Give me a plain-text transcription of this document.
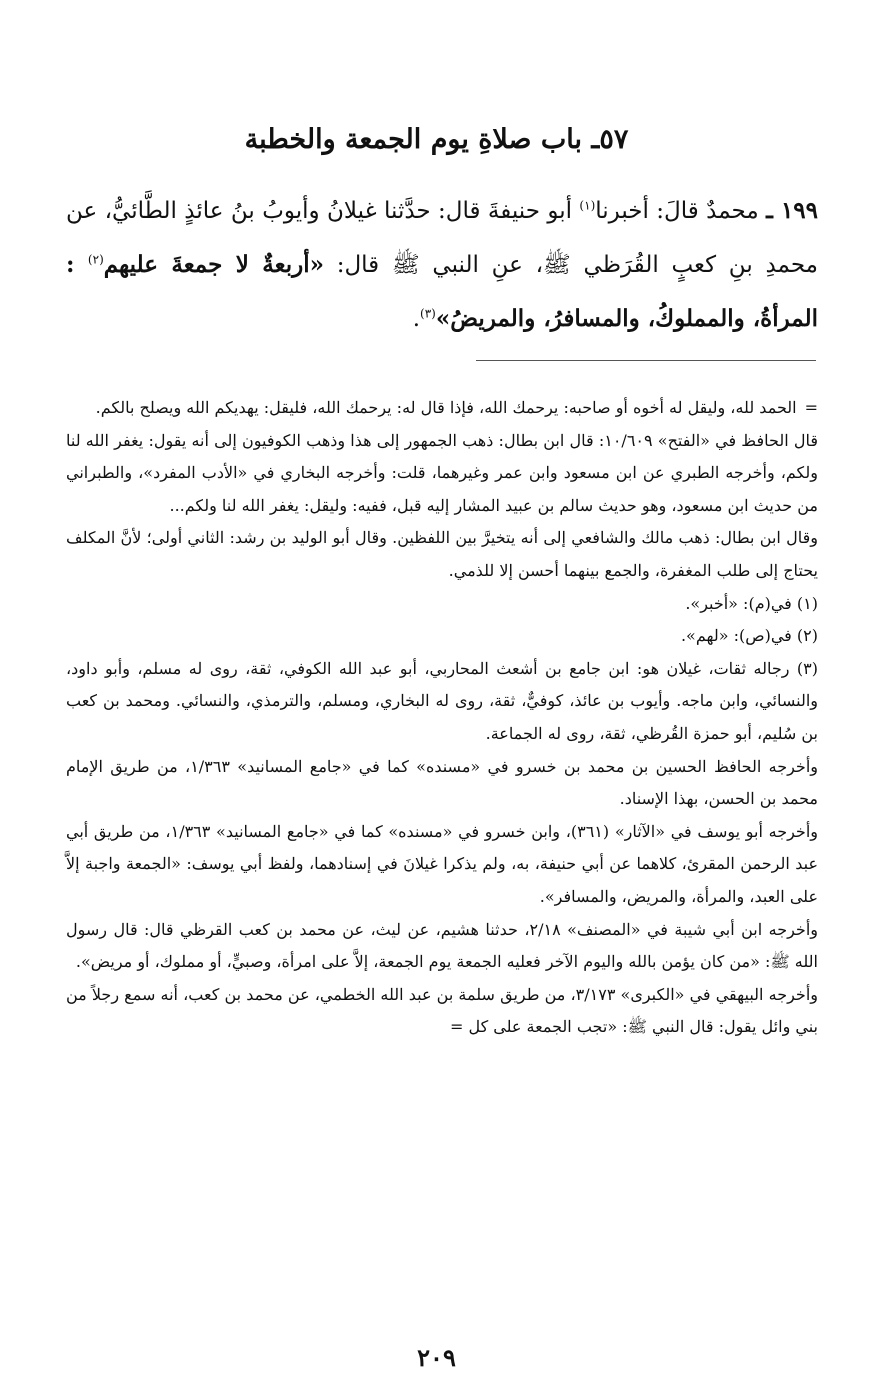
٥٧ـ باب صلاةِ يوم الجمعة والخطبة
١٩٩ ـ محمدٌ قالَ: أخبرنا$^{(١)}$ أبو حنيفةَ قال: حدَّثنا غيلانُ وأيوبُ بنُ عائذٍ الطَّائيُّ، عن محمدِ بنِ كعبٍ القُرَظي ﷺ، عنِ النبي ﷺ قال: «أربعةٌ لا جمعةَ عليهم$^{(٢)}$ : المرأةُ، والمملوكُ، والمسافرُ، والمريضُ»$^{(٣)}$.

=الحمد لله، وليقل له أخوه أو صاحبه: يرحمك الله، فإذا قال له: يرحمك الله، فليقل: يهديكم الله ويصلح بالكم.

قال الحافظ في «الفتح» ١٠/٦٠٩: قال ابن بطال: ذهب الجمهور إلى هذا وذهب الكوفيون إلى أنه يقول: يغفر الله لنا ولكم، وأخرجه الطبري عن ابن مسعود وابن عمر وغيرهما، قلت: وأخرجه البخاري في «الأدب المفرد»، والطبراني من حديث ابن مسعود، وهو حديث سالم بن عبيد المشار إليه قبل، ففيه: وليقل: يغفر الله لنا ولكم...

وقال ابن بطال: ذهب مالك والشافعي إلى أنه يتخيرَّ بين اللفظين. وقال أبو الوليد بن رشد: الثاني أولى؛ لأنَّ المكلف يحتاج إلى طلب المغفرة، والجمع بينهما أحسن إلا للذمي.

(١) في(م): «أخبر».

(٢) في(ص): «لهم».

(٣) رجاله ثقات، غيلان هو: ابن جامع بن أشعث المحاربي، أبو عبد الله الكوفي، ثقة، روى له مسلم، وأبو داود، والنسائي، وابن ماجه. وأيوب بن عائذ، كوفيٌّ، ثقة، روى له البخاري، ومسلم، والترمذي، والنسائي. ومحمد بن كعب بن سُليم، أبو حمزة القُرظي، ثقة، روى له الجماعة.

وأخرجه الحافظ الحسين بن محمد بن خسرو في «مسنده» كما في «جامع المسانيد» ١/٣٦٣، من طريق الإمام محمد بن الحسن، بهذا الإسناد.

وأخرجه أبو يوسف في «الآثار» (٣٦١)، وابن خسرو في «مسنده» كما في «جامع المسانيد» ١/٣٦٣، من طريق أبي عبد الرحمن المقرئ، كلاهما عن أبي حنيفة، به، ولم يذكرا غيلانَ في إسنادهما، ولفظ أبي يوسف: «الجمعة واجبة إلاَّ على العبد، والمرأة، والمريض، والمسافر».

وأخرجه ابن أبي شيبة في «المصنف» ٢/١٨، حدثنا هشيم، عن ليث، عن محمد بن كعب القرظي قال: قال رسول الله ﷺ: «من كان يؤمن بالله واليوم الآخر فعليه الجمعة يوم الجمعة، إلاَّ على امرأة، وصبيٍّ، أو مملوك، أو مريض».

وأخرجه البيهقي في «الكبرى» ٣/١٧٣، من طريق سلمة بن عبد الله الخطمي، عن محمد بن كعب، أنه سمع رجلاً من بني وائل يقول: قال النبي ﷺ: «تجب الجمعة على كل =

٢٠٩
